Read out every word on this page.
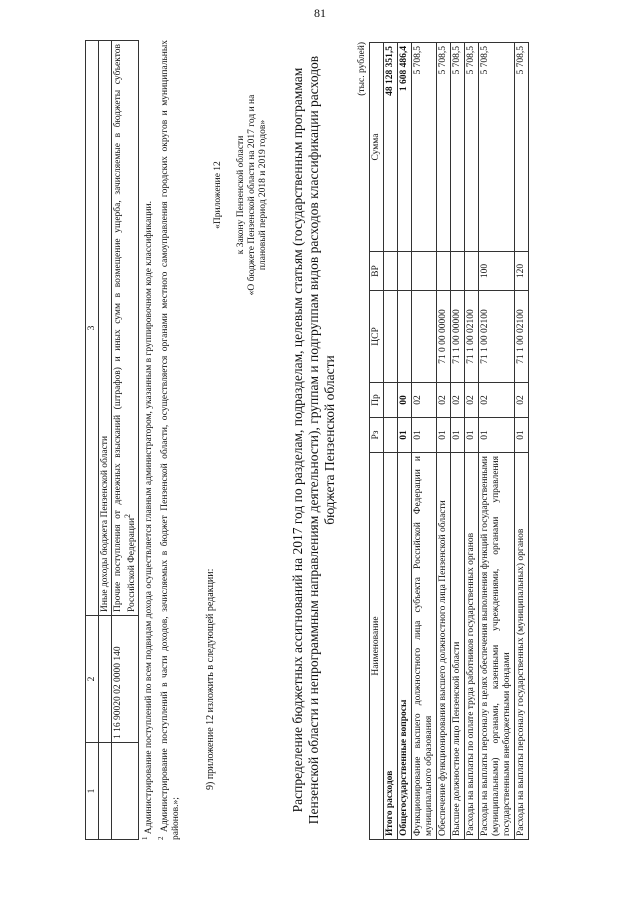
81
1	2	3
		Иные доходы бюджета Пензенской области
	1 16 90020 02 0000 140	Прочие поступления от денежных взысканий (штрафов) и иных сумм в возмещение ущерба, зачисляемые в бюджеты субъектов Российской Федерации$^2$

$^1$ Администрирование поступлений по всем подвидам дохода осуществляется главным администратором, указанным в группировочном коде классификации.

$^2$ Администрирование поступлений в части доходов, зачисляемых в бюджет Пензенской области, осуществляется органами местного самоуправления городских округов и муниципальных районов.»;

9) приложение 12 изложить в следующей редакции:
«Приложение 12 к Закону Пензенской области «О бюджете Пензенской области на 2017 год и на плановый период 2018 и 2019 годов» Распределение бюджетных ассигнований на 2017 год по разделам, подразделам, целевым статьям (государственным программам Пензенской области и непрограммным направлениям деятельности), группам и подгруппам видов расходов классификации расходов бюджета Пензенской области
(тыс. рублей)
Наименование	Рз	Пр	ЦСР	ВР	Сумма
Итого расходов					48 128 351,5
Общегосударственные вопросы	01	00			1 608 486,4
Функционирование высшего должностного лица субъекта Российской Федерации и муниципального образования	01	02			5 708,5
Обеспечение функционирования высшего должностного лица Пензенской области	01	02	71 0 00 00000		5 708,5
Высшее должностное лицо Пензенской области	01	02	71 1 00 00000		5 708,5
Расходы на выплаты по оплате труда работников государственных органов	01	02	71 1 00 02100		5 708,5
Расходы на выплаты персоналу в целях обеспечения выполнения функций государственными (муниципальными) органами, казенными учреждениями, органами управления государственными внебюджетными фондами	01	02	71 1 00 02100	100	5 708,5
Расходы на выплаты персоналу государственных (муниципальных) органов	01	02	71 1 00 02100	120	5 708,5
